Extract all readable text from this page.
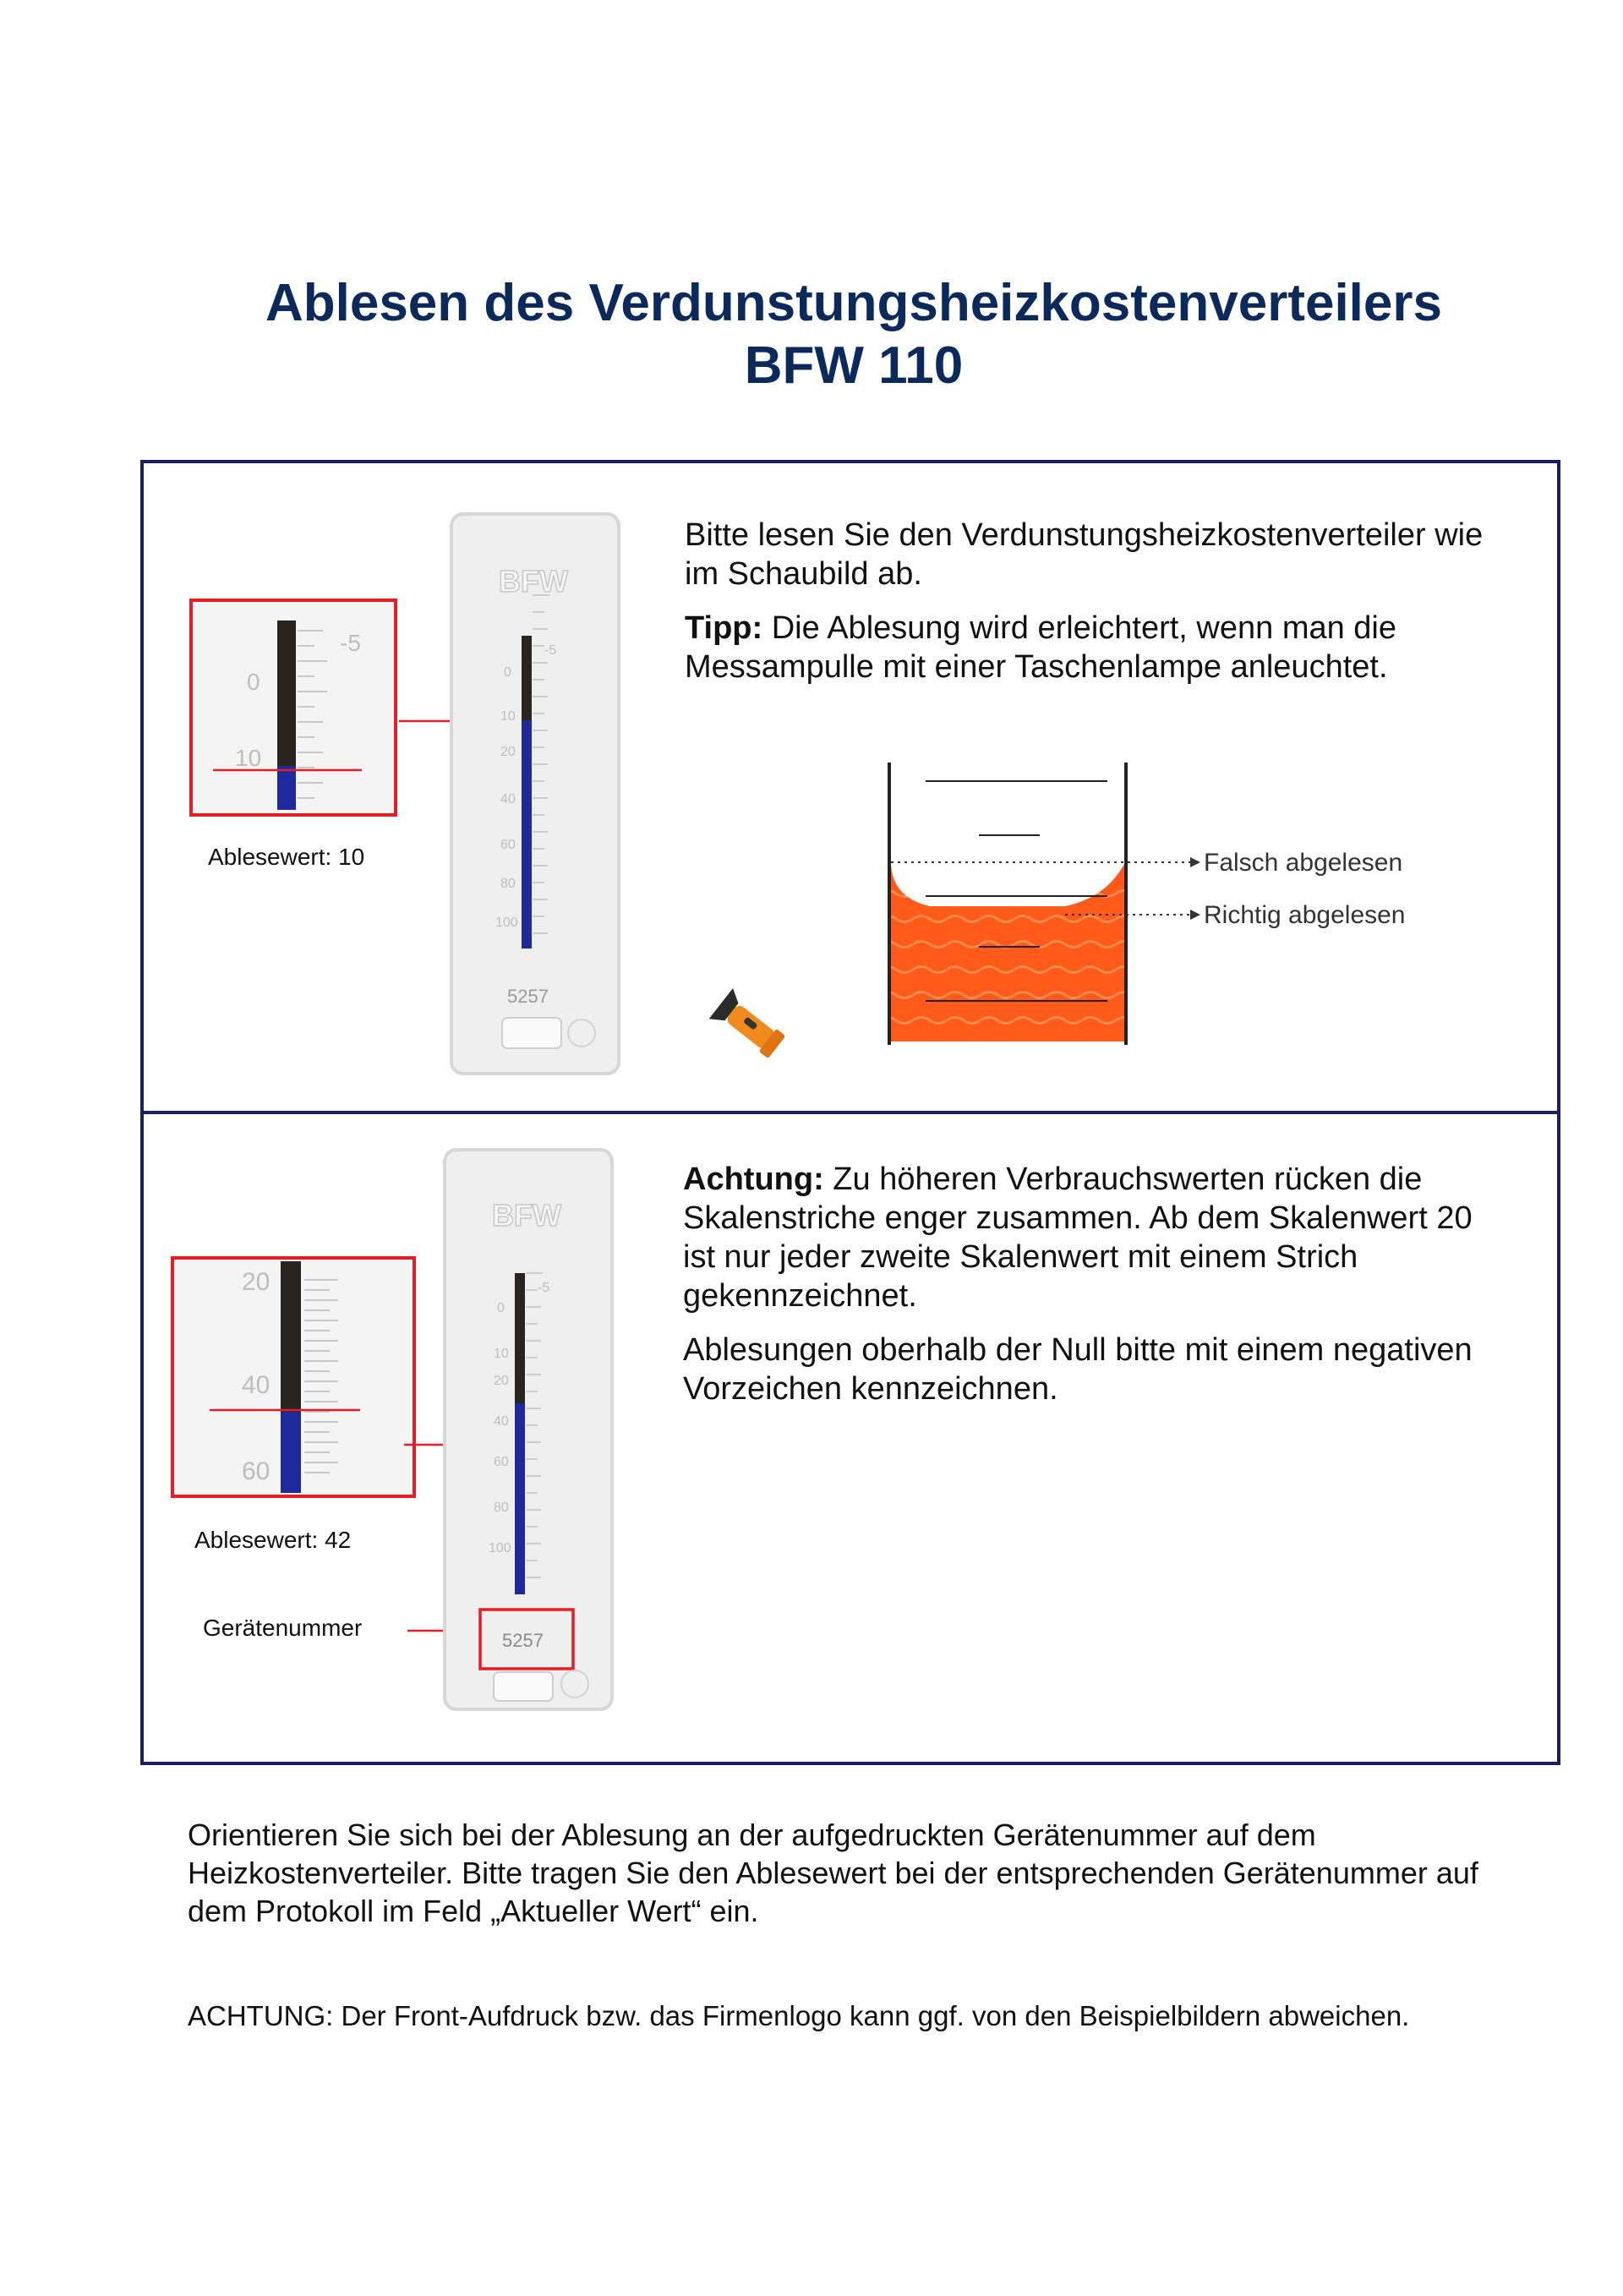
Ablesen des Verdunstungsheizkostenverteilers
BFW 110
-5
0
10
Ablesewert: 10
BFW
-5
0
10
20
40
60
80
100
5257
Bitte lesen Sie den Verdunstungsheizkostenverteiler wie im Schaubild ab.
Tipp: Die Ablesung wird erleichtert, wenn man die Messampulle mit einer Taschenlampe anleuchtet.
Falsch abgelesen
Richtig abgelesen
20
40
60
Ablesewert: 42
Gerätenummer
BFW
-5
0
10
20
40
60
80
100
5257
Achtung: Zu höheren Verbrauchswerten rücken die Skalenstriche enger zusammen. Ab dem Skalenwert 20 ist nur jeder zweite Skalenwert mit einem Strich gekennzeichnet.
Ablesungen oberhalb der Null bitte mit einem negativen Vorzeichen kennzeichnen.
Orientieren Sie sich bei der Ablesung an der aufgedruckten Gerätenummer auf dem Heizkostenverteiler. Bitte tragen Sie den Ablesewert bei der entsprechenden Gerätenummer auf dem Protokoll im Feld „Aktueller Wert“ ein.
ACHTUNG: Der Front-Aufdruck bzw. das Firmenlogo kann ggf. von den Beispielbildern abweichen.
